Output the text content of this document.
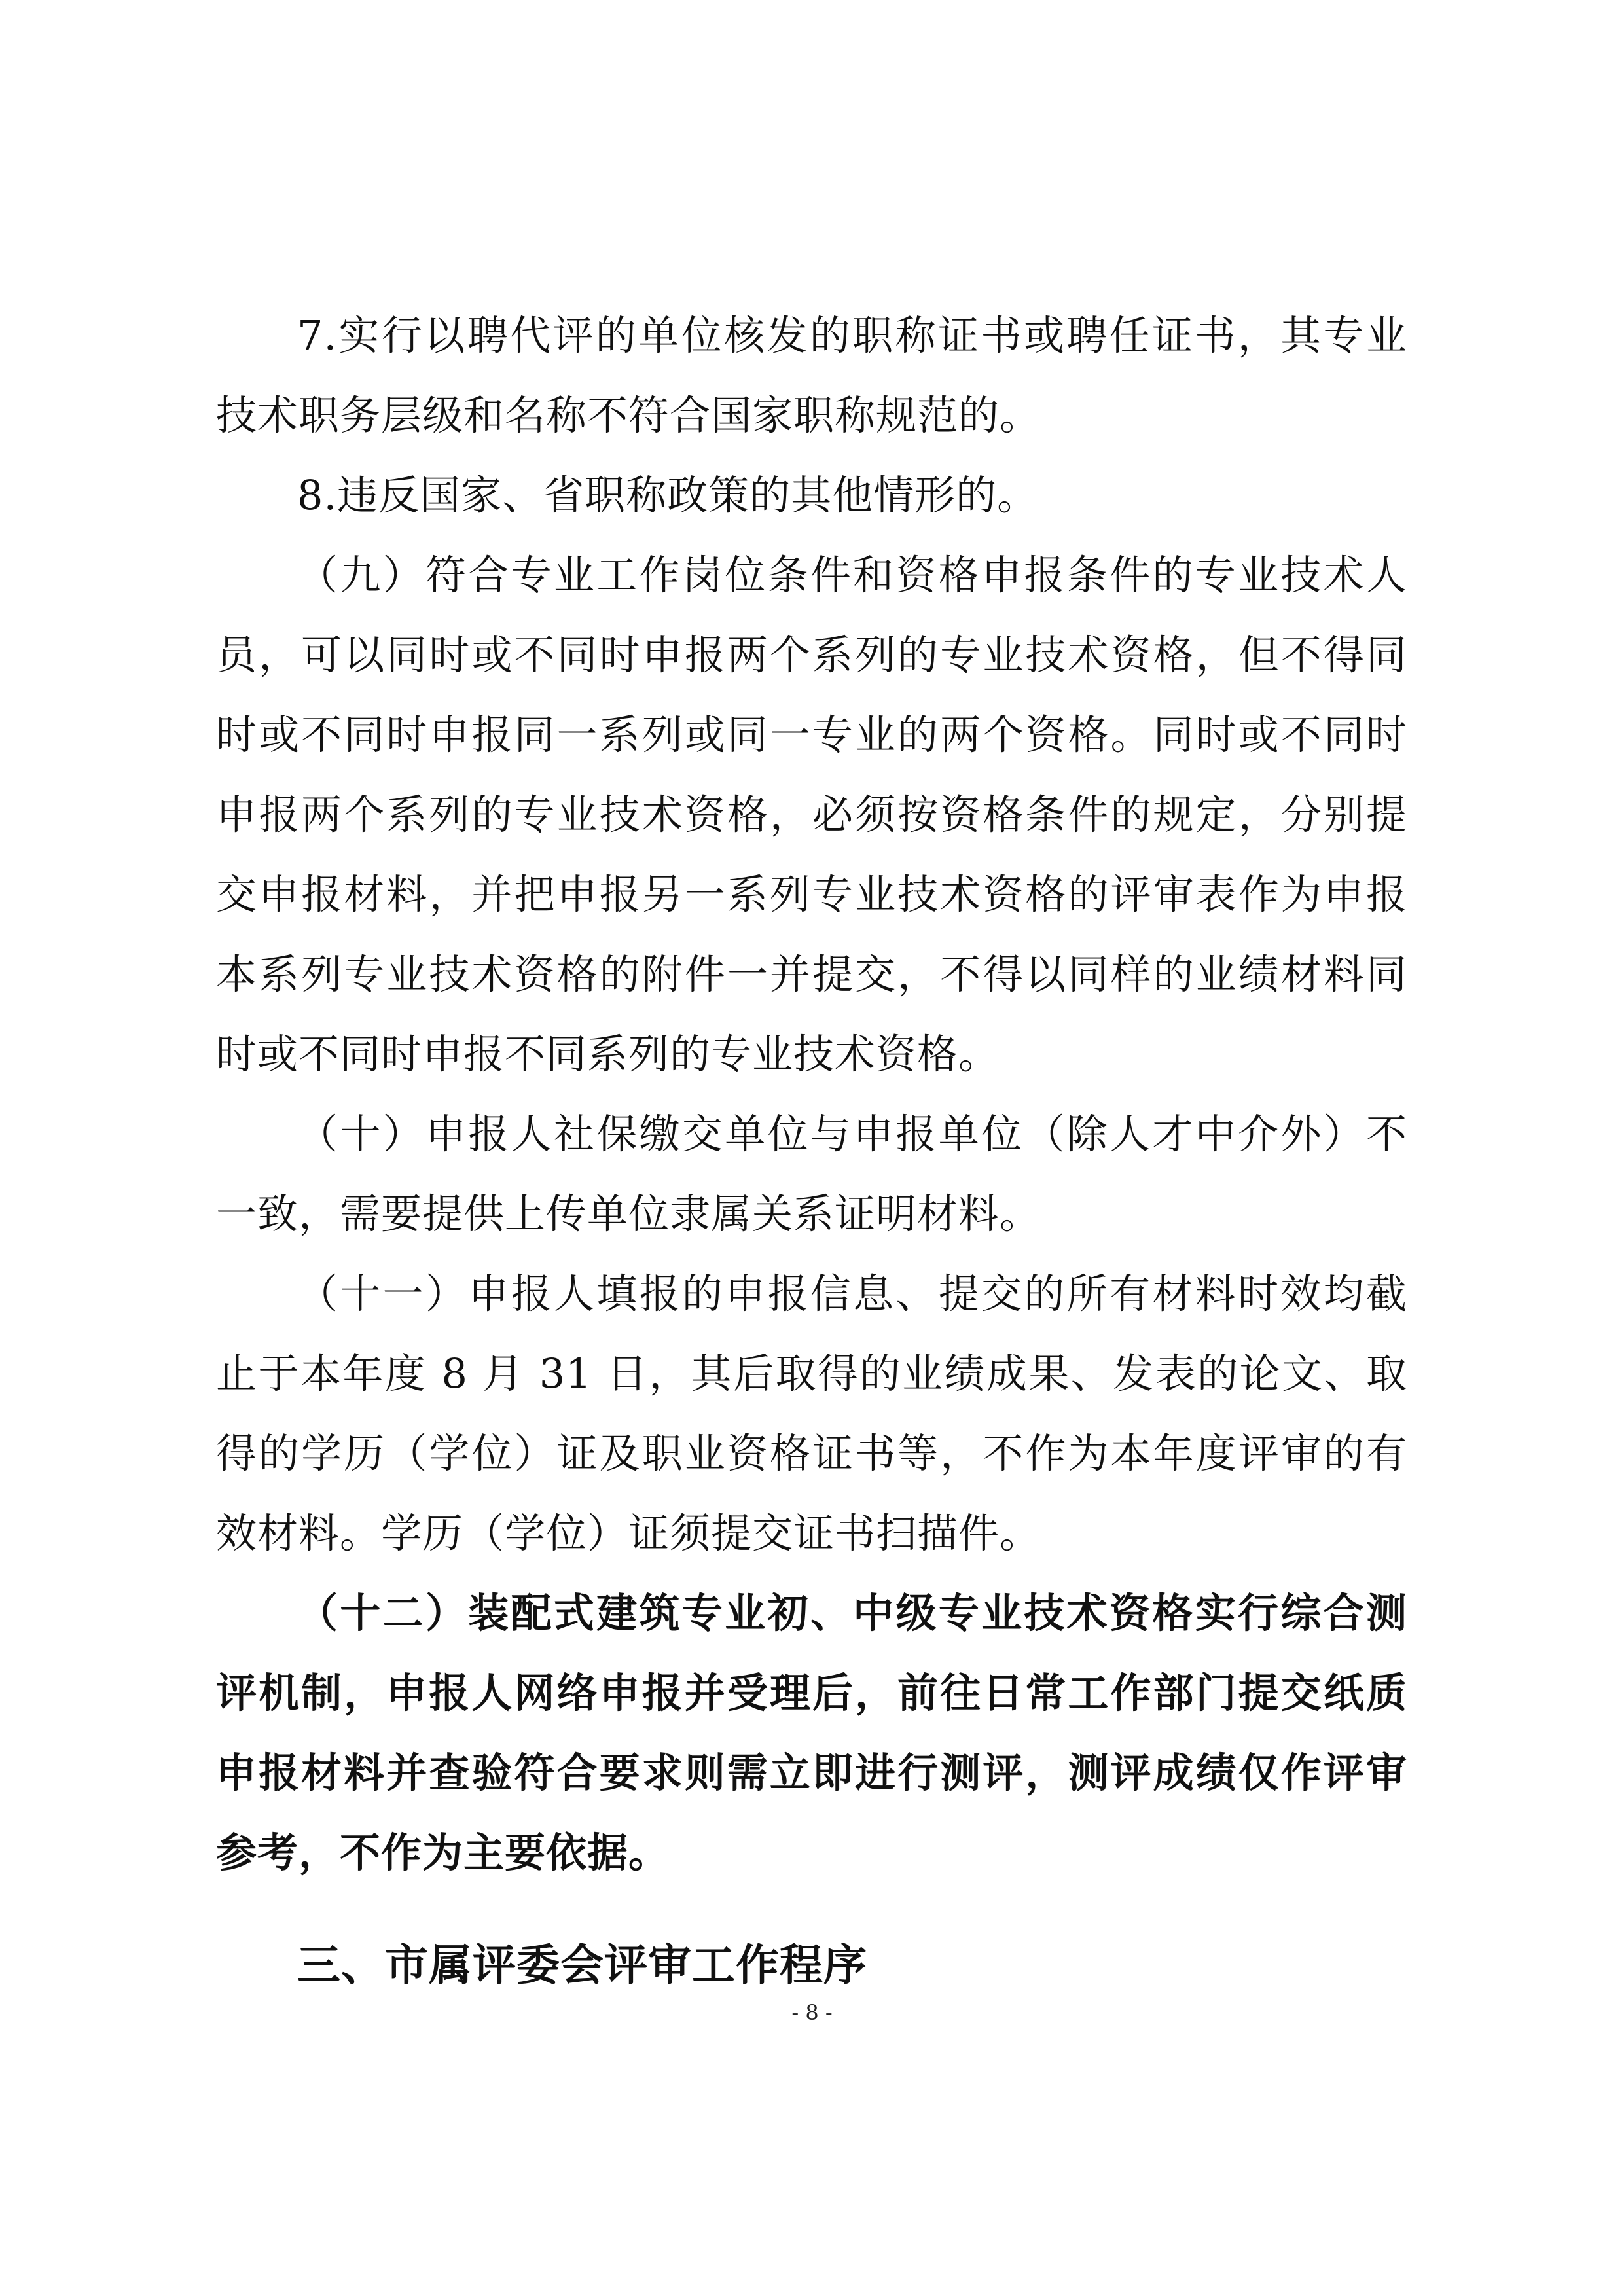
7.实行以聘代评的单位核发的职称证书或聘任证书，其专业
技术职务层级和名称不符合国家职称规范的。
8.违反国家、省职称政策的其他情形的。
（九）符合专业工作岗位条件和资格申报条件的专业技术人
员，可以同时或不同时申报两个系列的专业技术资格，但不得同
时或不同时申报同一系列或同一专业的两个资格。同时或不同时
申报两个系列的专业技术资格，必须按资格条件的规定，分别提
交申报材料，并把申报另一系列专业技术资格的评审表作为申报
本系列专业技术资格的附件一并提交，不得以同样的业绩材料同
时或不同时申报不同系列的专业技术资格。
（十）申报人社保缴交单位与申报单位（除人才中介外）不
一致，需要提供上传单位隶属关系证明材料。
（十一）申报人填报的申报信息、提交的所有材料时效均截
止于本年度 8 月 31 日，其后取得的业绩成果、发表的论文、取
得的学历（学位）证及职业资格证书等，不作为本年度评审的有
效材料。学历（学位）证须提交证书扫描件。
（十二）装配式建筑专业初、中级专业技术资格实行综合测
评机制，申报人网络申报并受理后，前往日常工作部门提交纸质
申报材料并查验符合要求则需立即进行测评，测评成绩仅作评审
参考，不作为主要依据。
三、市属评委会评审工作程序
- 8 -
